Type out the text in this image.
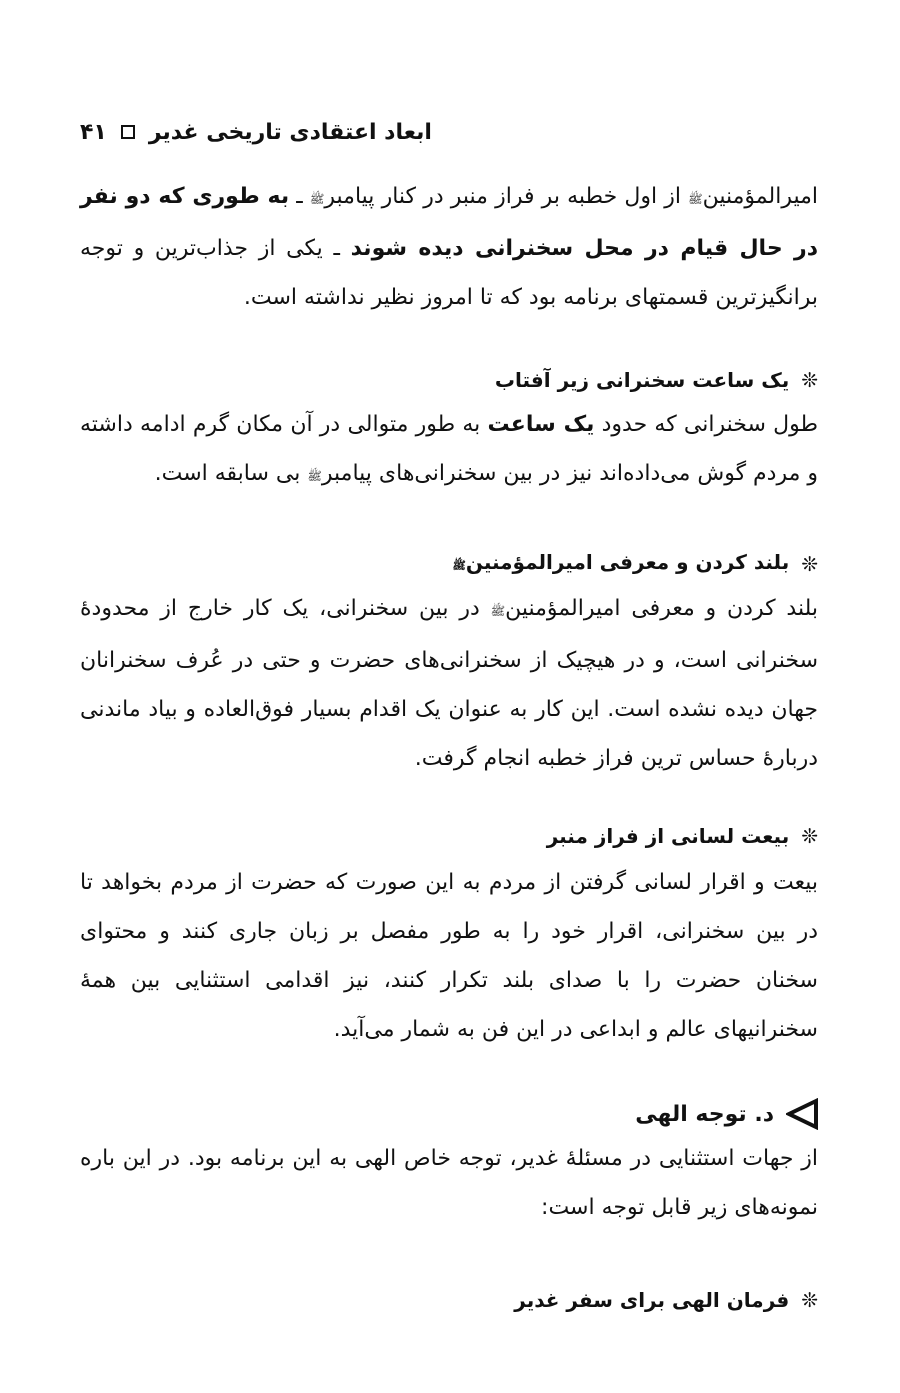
ابعاد اعتقادی تاریخی غدیر
۴۱

امیرالمؤمنینﷺ از اول خطبه بر فراز منبر در کنار پیامبرﷺ ـ به طوری که دو نفر در حال قیام در محل سخنرانی دیده شوند ـ یکی از جذاب‌ترین و توجه برانگیزترین قسمتهای برنامه بود که تا امروز نظیر نداشته است.

❊
یک ساعت سخنرانی زیر آفتاب

طول سخنرانی که حدود یک ساعت به طور متوالی در آن مکان گرم ادامه داشته و مردم گوش می‌داده‌اند نیز در بین سخنرانی‌های پیامبرﷺ بی سابقه است.

❊
بلند کردن و معرفی امیرالمؤمنینﷺ

بلند کردن و معرفی امیرالمؤمنینﷺ در بین سخنرانی، یک کار خارج از محدودهٔ سخنرانی است، و در هیچیک از سخنرانی‌های حضرت و حتی در عُرف سخنرانان جهان دیده نشده است. این کار به عنوان یک اقدام بسیار فوق‌العاده و بیاد ماندنی دربارهٔ حساس ترین فراز خطبه انجام گرفت.

❊
بیعت لسانی از فراز منبر

بیعت و اقرار لسانی گرفتن از مردم به این صورت که حضرت از مردم بخواهد تا در بین سخنرانی، اقرار خود را به طور مفصل بر زبان جاری کنند و محتوای سخنان حضرت را با صدای بلند تکرار کنند، نیز اقدامی استثنایی بین همهٔ سخنرانیهای عالم و ابداعی در این فن به شمار می‌آید.

د. توجه الهی

از جهات استثنایی در مسئلهٔ غدیر، توجه خاص الهی به این برنامه بود. در این باره نمونه‌های زیر قابل توجه است:

❊
فرمان الهی برای سفر غدیر
